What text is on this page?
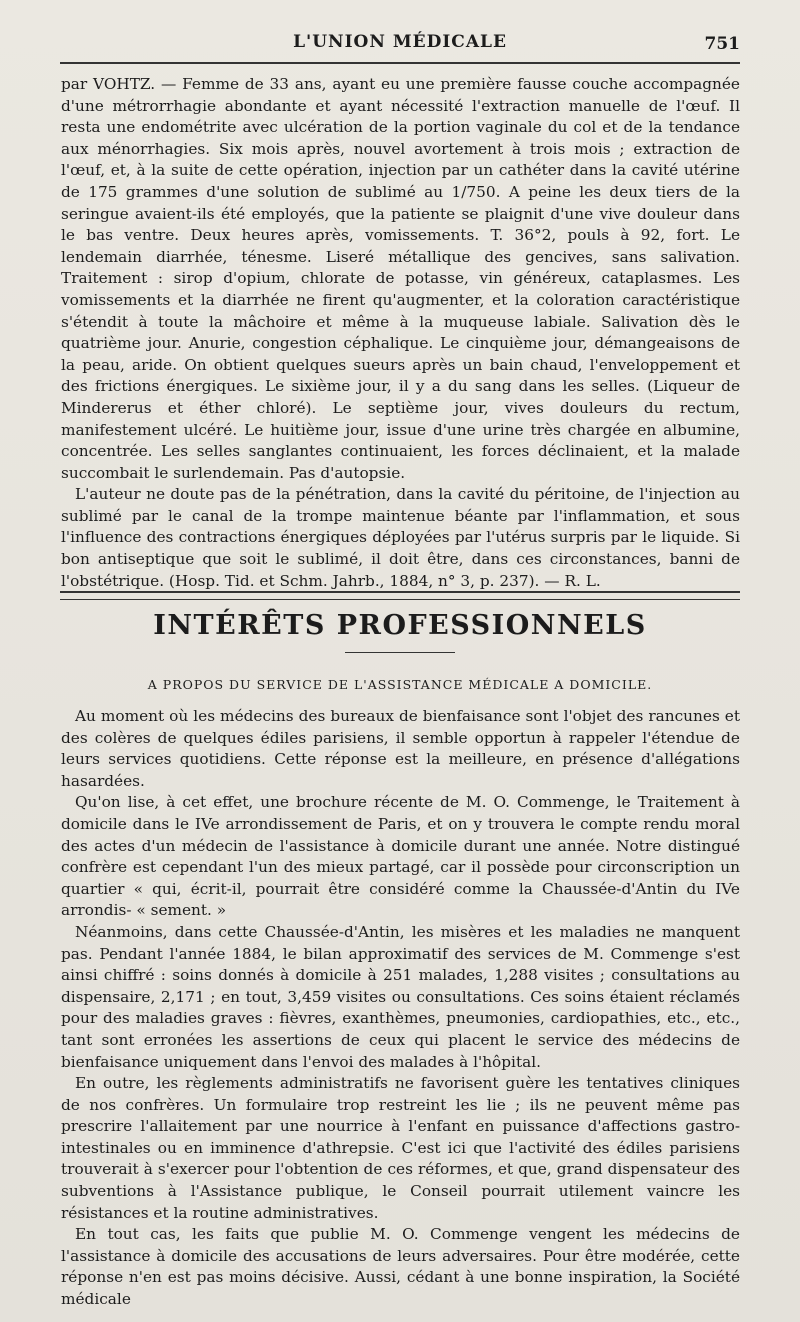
L'UNION MÉDICALE	751

par VOHTZ. — Femme de 33 ans, ayant eu une première fausse couche accompagnée d'une métrorrhagie abondante et ayant nécessité l'extraction manuelle de l'œuf. Il resta une endométrite avec ulcération de la portion vaginale du col et de la tendance aux ménorrhagies. Six mois après, nouvel avortement à trois mois ; extraction de l'œuf, et, à la suite de cette opération, injection par un cathéter dans la cavité utérine de 175 grammes d'une solution de sublimé au 1/750. A peine les deux tiers de la seringue avaient-ils été employés, que la patiente se plaignit d'une vive douleur dans le bas ventre. Deux heures après, vomissements. T. 36°2, pouls à 92, fort. Le lendemain diarrhée, ténesme. Liseré métallique des gencives, sans salivation. Traitement : sirop d'opium, chlorate de potasse, vin généreux, cataplasmes. Les vomissements et la diarrhée ne firent qu'augmenter, et la coloration caractéristique s'étendit à toute la mâchoire et même à la muqueuse labiale. Salivation dès le quatrième jour. Anurie, congestion céphalique. Le cinquième jour, démangeaisons de la peau, aride. On obtient quelques sueurs après un bain chaud, l'enveloppement et des frictions énergiques. Le sixième jour, il y a du sang dans les selles. (Liqueur de Mindererus et éther chloré). Le septième jour, vives douleurs du rectum, manifestement ulcéré. Le huitième jour, issue d'une urine très chargée en albumine, concentrée. Les selles sanglantes continuaient, les forces déclinaient, et la malade succombait le surlendemain. Pas d'autopsie.

L'auteur ne doute pas de la pénétration, dans la cavité du péritoine, de l'injection au sublimé par le canal de la trompe maintenue béante par l'inflammation, et sous l'influence des contractions énergiques déployées par l'utérus surpris par le liquide. Si bon antiseptique que soit le sublimé, il doit être, dans ces circonstances, banni de l'obstétrique. (Hosp. Tid. et Schm. Jahrb., 1884, n° 3, p. 237). — R. L.

INTÉRÊTS PROFESSIONNELS
A PROPOS DU SERVICE DE L'ASSISTANCE MÉDICALE A DOMICILE.

Au moment où les médecins des bureaux de bienfaisance sont l'objet des rancunes et des colères de quelques édiles parisiens, il semble opportun à rappeler l'étendue de leurs services quotidiens. Cette réponse est la meilleure, en présence d'allégations hasardées.

Qu'on lise, à cet effet, une brochure récente de M. O. Commenge, le Traitement à domicile dans le IVe arrondissement de Paris, et on y trouvera le compte rendu moral des actes d'un médecin de l'assistance à domicile durant une année. Notre distingué confrère est cependant l'un des mieux partagé, car il possède pour circonscription un quartier « qui, écrit-il, pourrait être considéré comme la Chaussée-d'Antin du IVe arrondis- « sement. »

Néanmoins, dans cette Chaussée-d'Antin, les misères et les maladies ne manquent pas. Pendant l'année 1884, le bilan approximatif des services de M. Commenge s'est ainsi chiffré : soins donnés à domicile à 251 malades, 1,288 visites ; consultations au dispensaire, 2,171 ; en tout, 3,459 visites ou consultations. Ces soins étaient réclamés pour des maladies graves : fièvres, exanthèmes, pneumonies, cardiopathies, etc., etc., tant sont erronées les assertions de ceux qui placent le service des médecins de bienfaisance uniquement dans l'envoi des malades à l'hôpital.

En outre, les règlements administratifs ne favorisent guère les tentatives cliniques de nos confrères. Un formulaire trop restreint les lie ; ils ne peuvent même pas prescrire l'allaitement par une nourrice à l'enfant en puissance d'affections gastro-intestinales ou en imminence d'athrepsie. C'est ici que l'activité des édiles parisiens trouverait à s'exercer pour l'obtention de ces réformes, et que, grand dispensateur des subventions à l'Assistance publique, le Conseil pourrait utilement vaincre les résistances et la routine administratives.

En tout cas, les faits que publie M. O. Commenge vengent les médecins de l'assistance à domicile des accusations de leurs adversaires. Pour être modérée, cette réponse n'en est pas moins décisive. Aussi, cédant à une bonne inspiration, la Société médicale
